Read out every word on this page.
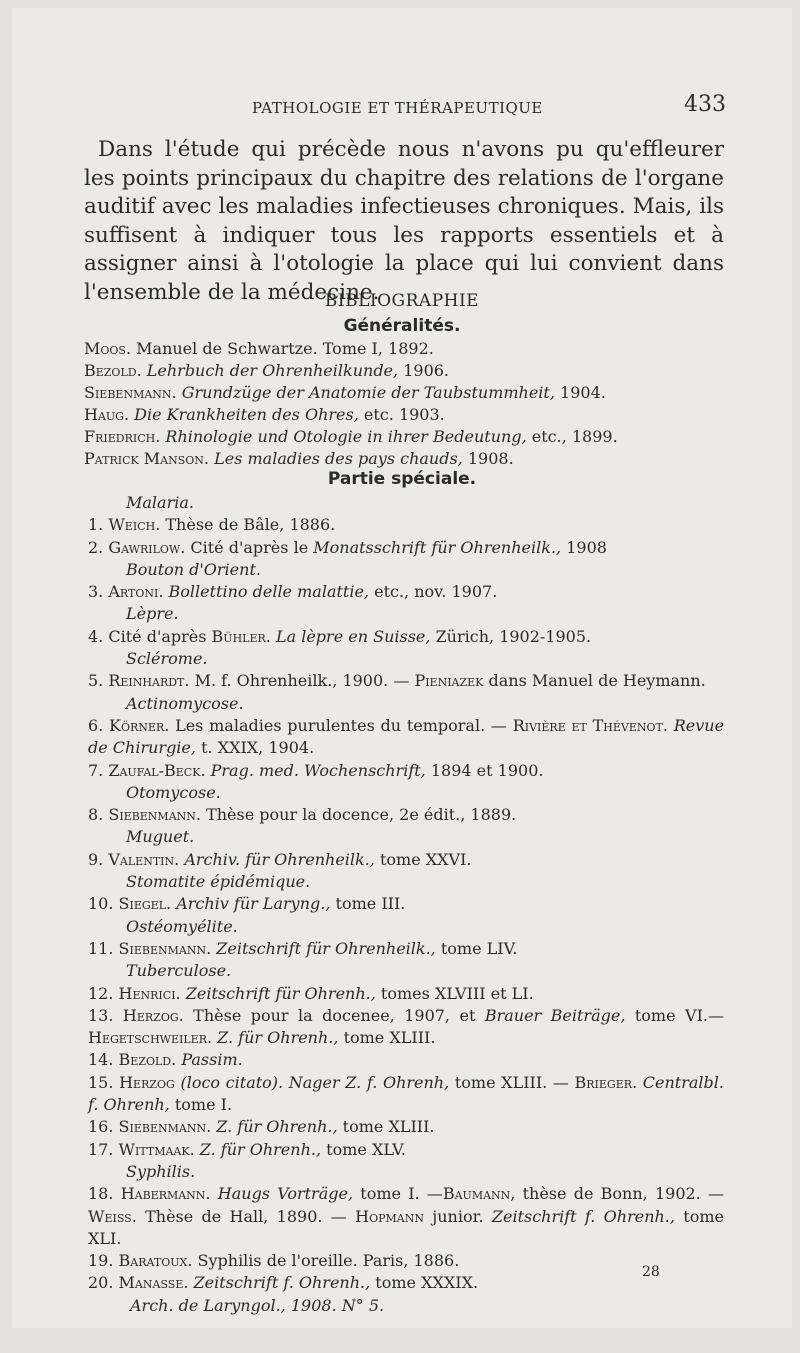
PATHOLOGIE ET THÉRAPEUTIQUE	433
Dans l'étude qui précède nous n'avons pu qu'effleurer les points principaux du chapitre des relations de l'organe auditif avec les maladies infectieuses chroniques. Mais, ils suffisent à indiquer tous les rapports essentiels et à assigner ainsi à l'otologie la place qui lui convient dans l'ensemble de la médecine.
BIBLIOGRAPHIE
Généralités.
Moos. Manuel de Schwartze. Tome I, 1892.
Bezold. Lehrbuch der Ohrenheilkunde, 1906.
Siebenmann. Grundzüge der Anatomie der Taubstummheit, 1904.
Haug. Die Krankheiten des Ohres, etc. 1903.
Friedrich. Rhinologie und Otologie in ihrer Bedeutung, etc., 1899.
Patrick Manson. Les maladies des pays chauds, 1908.
Partie spéciale.
Malaria.
1. Weich. Thèse de Bâle, 1886.
2. Gawrilow. Cité d'après le Monatsschrift für Ohrenheilk., 1908
Bouton d'Orient.
3. Artoni. Bollettino delle malattie, etc., nov. 1907.
Lèpre.
4. Cité d'après Bühler. La lèpre en Suisse, Zürich, 1902-1905.
Sclérome.
5. Reinhardt. M. f. Ohrenheilk., 1900. — Pieniazek dans Manuel de Heymann.
Actinomycose.
6. Körner. Les maladies purulentes du temporal. — Rivière et Thévenot. Revue de Chirurgie, t. XXIX, 1904.
7. Zaufal-Beck. Prag. med. Wochenschrift, 1894 et 1900.
Otomycose.
8. Siebenmann. Thèse pour la docence, 2e édit., 1889.
Muguet.
9. Valentin. Archiv. für Ohrenheilk., tome XXVI.
Stomatite épidémique.
10. Siegel. Archiv für Laryng., tome III.
Ostéomyélite.
11. Siebenmann. Zeitschrift für Ohrenheilk., tome LIV.
Tuberculose.
12. Henrici. Zeitschrift für Ohrenh., tomes XLVIII et LI.
13. Herzog. Thèse pour la docenee, 1907, et Brauer Beiträge, tome VI.— Hegetschweiler. Z. für Ohrenh., tome XLIII.
14. Bezold. Passim.
15. Herzog (loco citato). Nager Z. f. Ohrenh, tome XLIII. — Brieger. Centralbl. f. Ohrenh, tome I.
16. Siebenmann. Z. für Ohrenh., tome XLIII.
17. Wittmaak. Z. für Ohrenh., tome XLV.
Syphilis.
18. Habermann. Haugs Vorträge, tome I. —Baumann, thèse de Bonn, 1902. — Weiss. Thèse de Hall, 1890. — Hopmann junior. Zeitschrift f. Ohrenh., tome XLI.
19. Baratoux. Syphilis de l'oreille. Paris, 1886.
20. Manasse. Zeitschrift f. Ohrenh., tome XXXIX.
Arch. de Laryngol., 1908. N° 5.
28
